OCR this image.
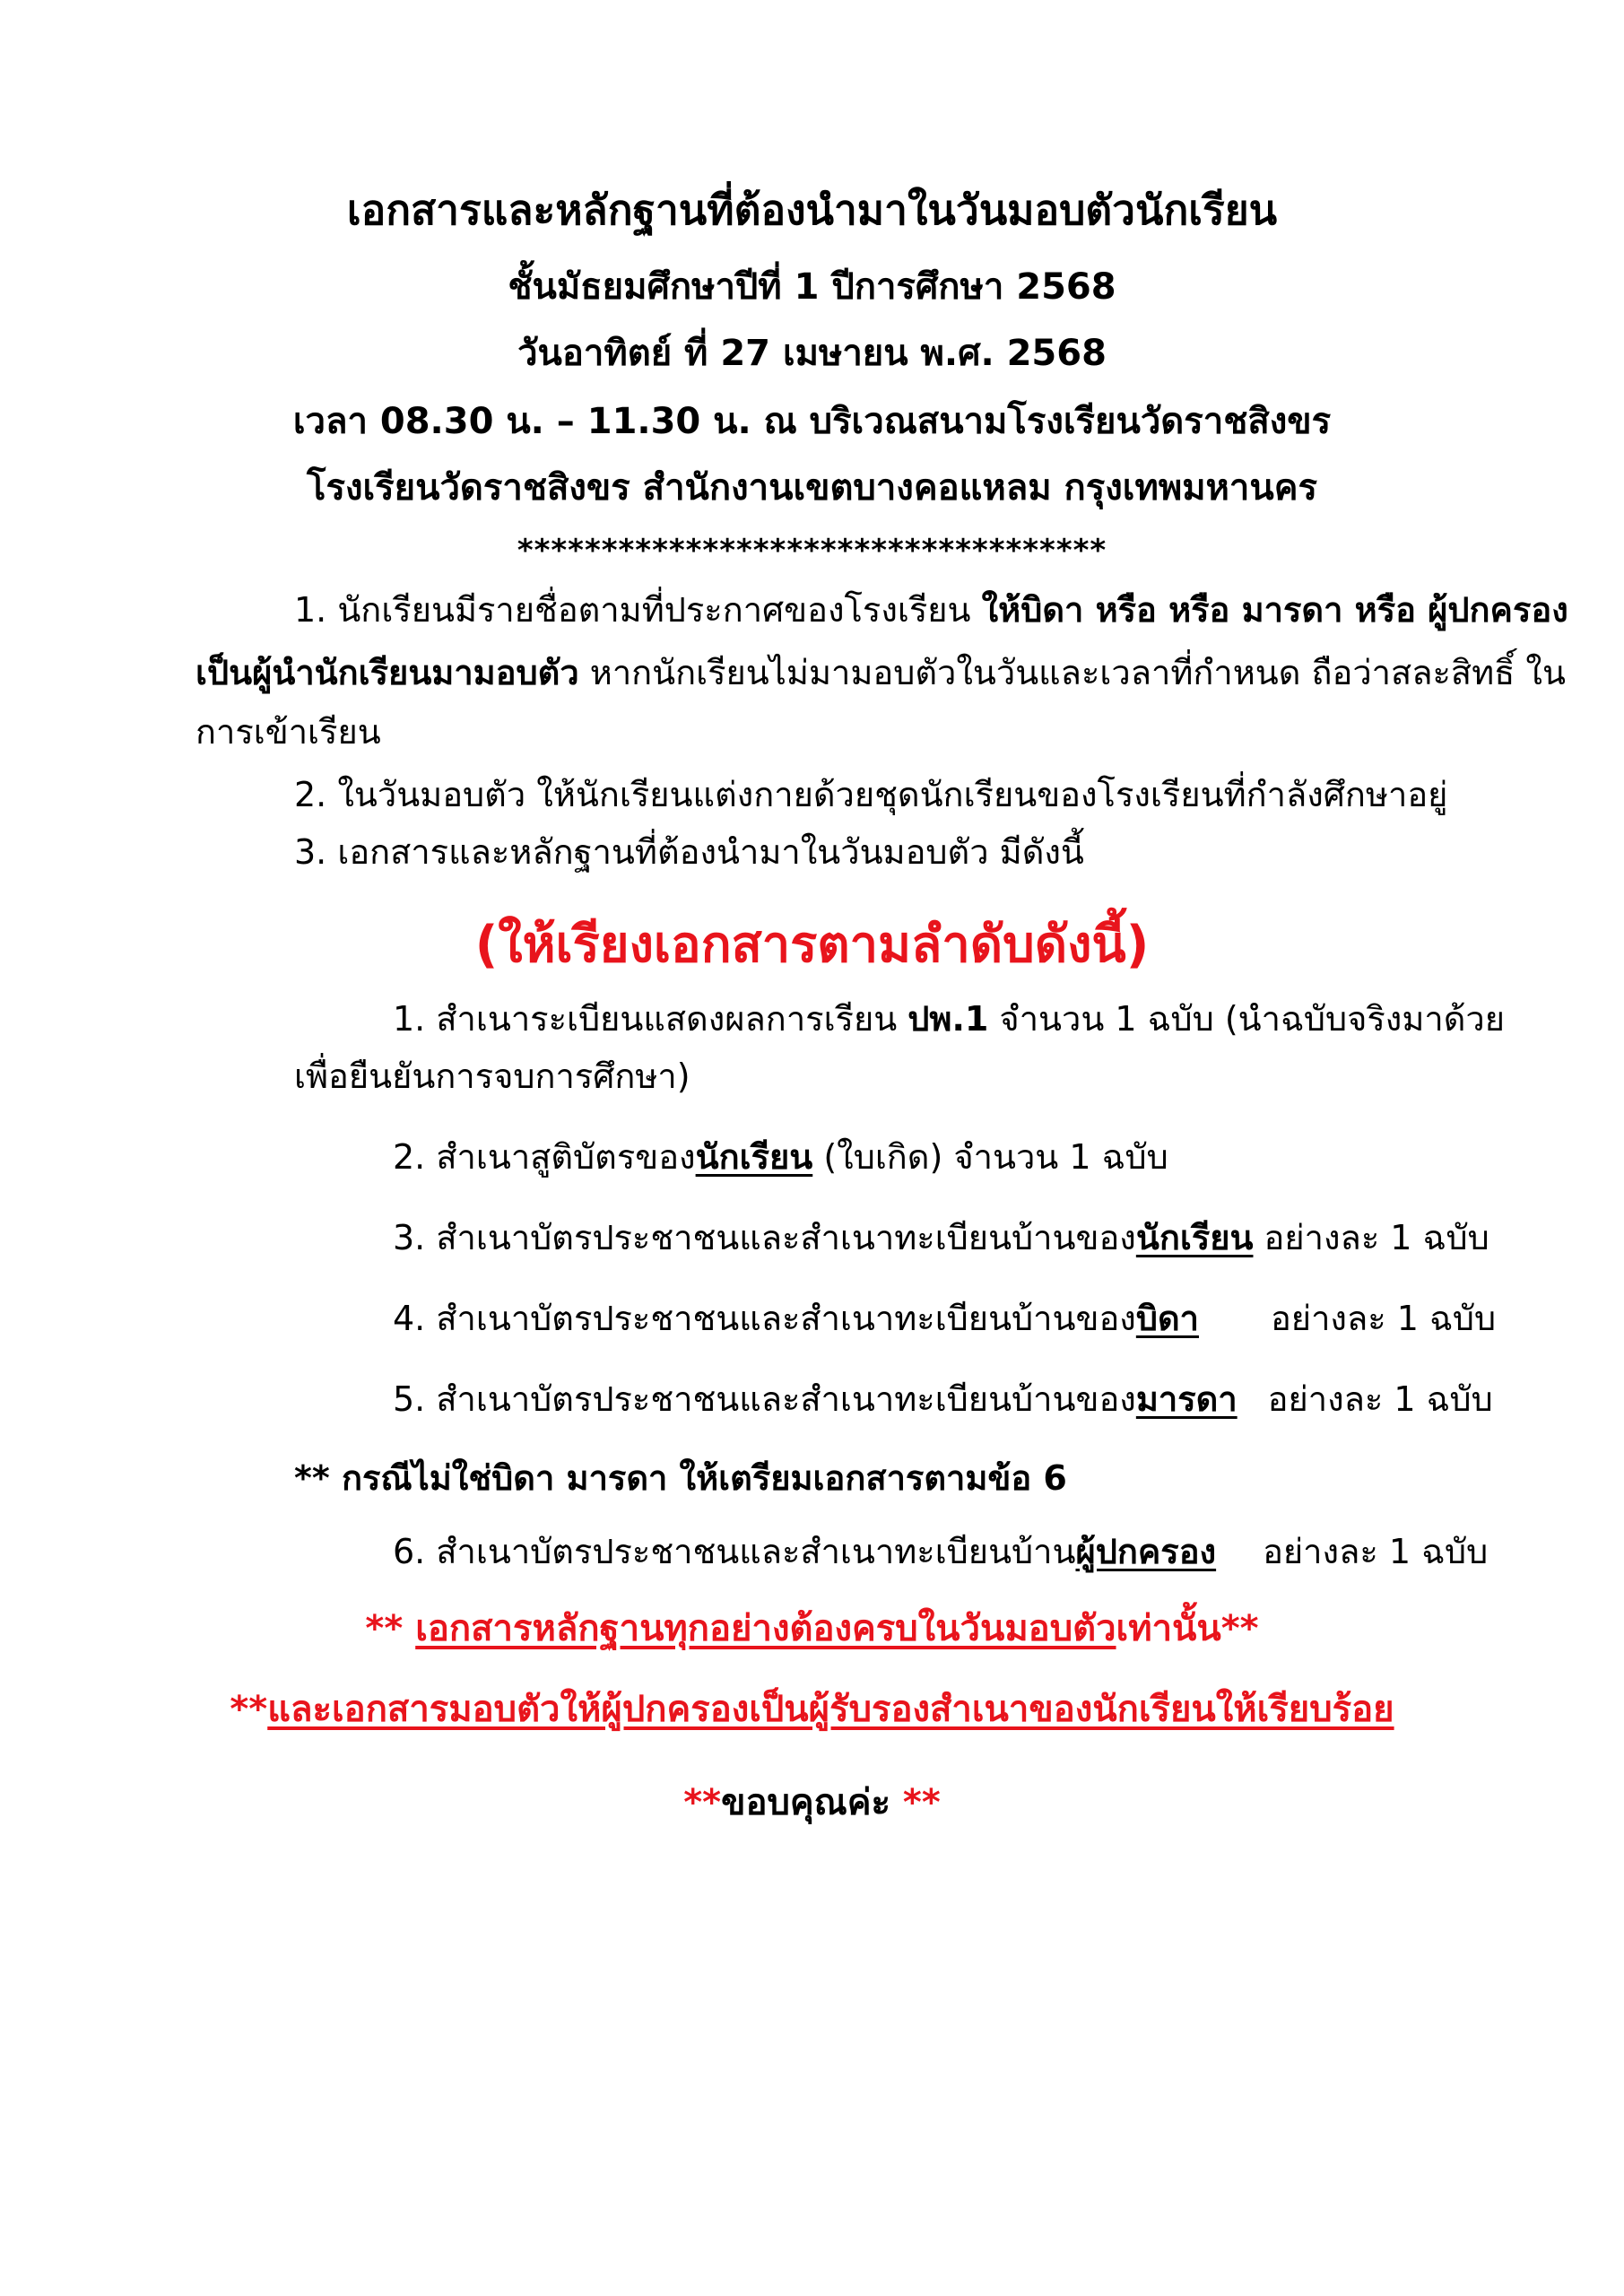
เอกสารและหลักฐานที่ต้องนำมาในวันมอบตัวนักเรียน
ชั้นมัธยมศึกษาปีที่ 1 ปีการศึกษา 2568
วันอาทิตย์ ที่ 27 เมษายน พ.ศ. 2568
เวลา 08.30 น. – 11.30 น. ณ บริเวณสนามโรงเรียนวัดราชสิงขร
โรงเรียนวัดราชสิงขร สำนักงานเขตบางคอแหลม กรุงเทพมหานคร
***********************************
1. นักเรียนมีรายชื่อตามที่ประกาศของโรงเรียน ให้บิดา หรือ หรือ มารดา หรือ ผู้ปกครอง
เป็นผู้นำนักเรียนมามอบตัว หากนักเรียนไม่มามอบตัวในวันและเวลาที่กำหนด ถือว่าสละสิทธิ์ ใน
การเข้าเรียน
2. ในวันมอบตัว ให้นักเรียนแต่งกายด้วยชุดนักเรียนของโรงเรียนที่กำลังศึกษาอยู่
3. เอกสารและหลักฐานที่ต้องนำมาในวันมอบตัว มีดังนี้
(ให้เรียงเอกสารตามลำดับดังนี้)
1. สำเนาระเบียนแสดงผลการเรียน ปพ.1 จำนวน 1 ฉบับ (นำฉบับจริงมาด้วย
เพื่อยืนยันการจบการศึกษา)
2. สำเนาสูติบัตรของนักเรียน (ใบเกิด) จำนวน 1 ฉบับ
3. สำเนาบัตรประชาชนและสำเนาทะเบียนบ้านของนักเรียน อย่างละ 1 ฉบับ
4. สำเนาบัตรประชาชนและสำเนาทะเบียนบ้านของบิดา อย่างละ 1 ฉบับ
5. สำเนาบัตรประชาชนและสำเนาทะเบียนบ้านของมารดา อย่างละ 1 ฉบับ
** กรณีไม่ใช่บิดา มารดา ให้เตรียมเอกสารตามข้อ 6
6. สำเนาบัตรประชาชนและสำเนาทะเบียนบ้านผู้ปกครอง อย่างละ 1 ฉบับ
** เอกสารหลักฐานทุกอย่างต้องครบในวันมอบตัวเท่านั้น**
**และเอกสารมอบตัวให้ผู้ปกครองเป็นผู้รับรองสำเนาของนักเรียนให้เรียบร้อย
**ขอบคุณค่ะ **
